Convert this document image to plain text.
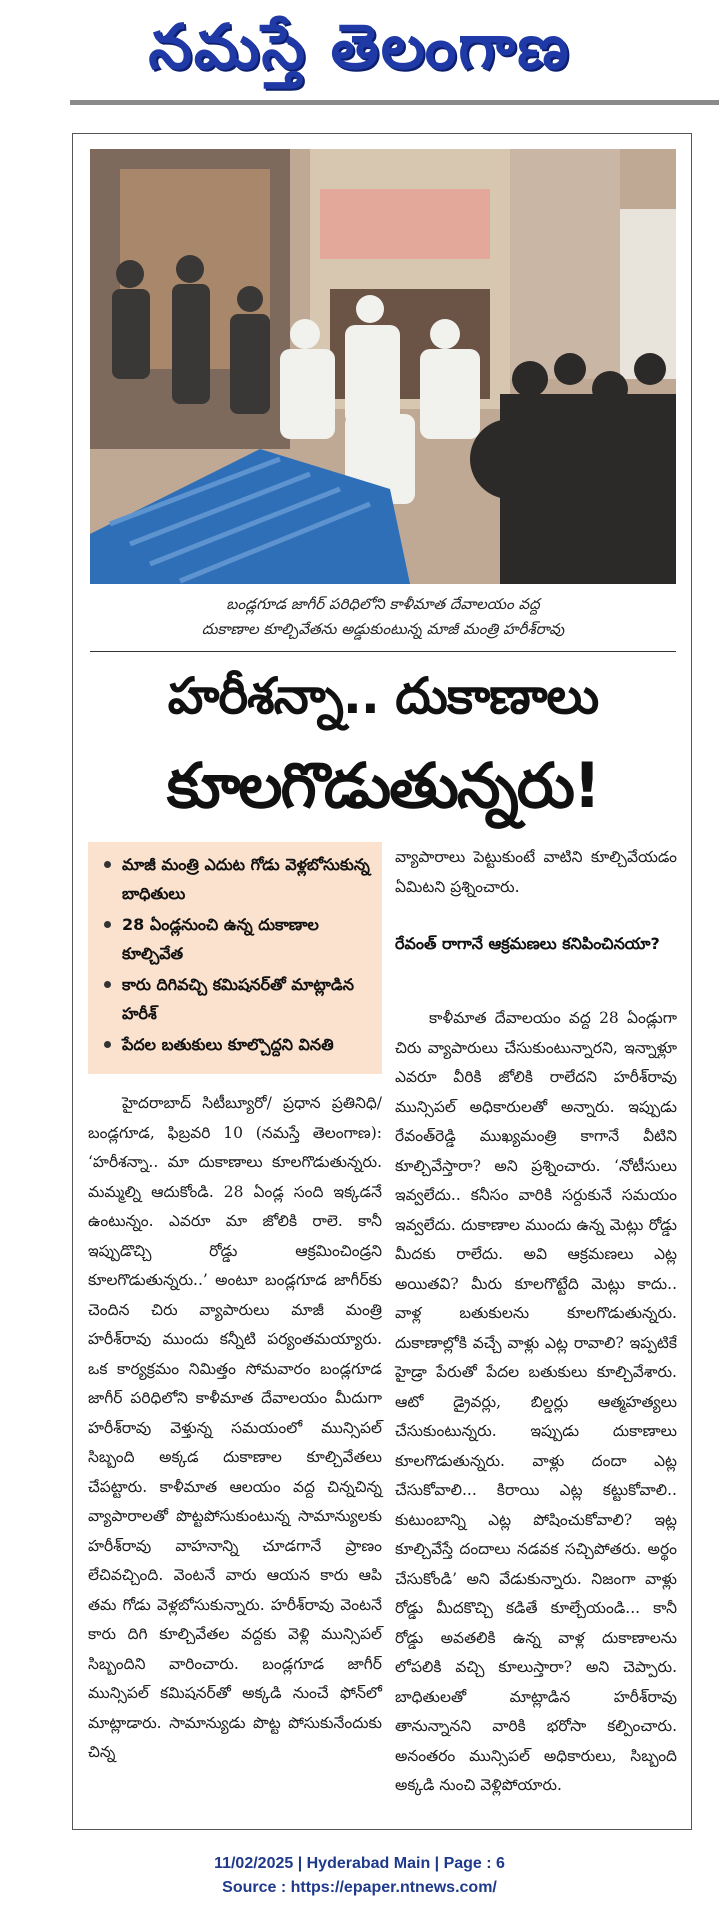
నమస్తే తెలంగాణ
బండ్లగూడ జాగీర్‌ పరిధిలోని కాళీమాత దేవాలయం వద్ద
దుకాణాల కూల్చివేతను అడ్డుకుంటున్న మాజీ మంత్రి హరీశ్‌రావు
హరీశన్నా.. దుకాణాలు
కూలగొడుతున్నరు!
మాజీ మంత్రి ఎదుట గోడు వెళ్లబోసుకున్న బాధితులు
28 ఏండ్లనుంచి ఉన్న దుకాణాల కూల్చివేత
కారు దిగివచ్చి కమిషనర్‌తో మాట్లాడిన హరీశ్‌
పేదల బతుకులు కూల్చొద్దని వినతి

హైదరాబాద్‌ సిటీబ్యూరో/ ప్రధాన ప్రతినిధి/బండ్లగూడ, ఫిబ్రవరి 10 (నమస్తే తెలంగాణ): ‘హరీశన్నా.. మా దుకాణాలు కూలగొడుతున్నరు. మమ్మల్ని ఆదుకోండి. 28 ఏండ్ల సంది ఇక్కడనే ఉంటున్నం. ఎవరూ మా జోలికి రాలె. కానీ ఇప్పుడొచ్చి రోడ్డు ఆక్రమించిండ్రని కూలగొడుతున్నరు..’ అంటూ బండ్లగూడ జాగీర్‌కు చెందిన చిరు వ్యాపారులు మాజీ మంత్రి హరీశ్‌రావు ముందు కన్నీటి పర్యంతమయ్యారు. ఒక కార్యక్రమం నిమిత్తం సోమవారం బండ్లగూడ జాగీర్‌ పరిధిలోని కాళీమాత దేవాలయం మీదుగా హరీశ్‌రావు వెళ్తున్న సమయంలో మున్సిపల్‌ సిబ్బంది అక్కడ దుకాణాల కూల్చివేతలు చేపట్టారు. కాళీమాత ఆలయం వద్ద చిన్నచిన్న వ్యాపారాలతో పొట్టపోసుకుంటున్న సామాన్యులకు హరీశ్‌రావు వాహనాన్ని చూడగానే ప్రాణం లేచివచ్చింది. వెంటనే వారు ఆయన కారు ఆపి తమ గోడు వెళ్లబోసుకున్నారు. హరీశ్‌రావు వెంటనే కారు దిగి కూల్చివేతల వద్దకు వెళ్లి మున్సిపల్‌ సిబ్బందిని వారించారు. బండ్లగూడ జాగీర్‌ మున్సిపల్‌ కమిషనర్‌తో అక్కడి నుంచే ఫోన్‌లో మాట్లాడారు. సామాన్యుడు పొట్ట పోసుకునేందుకు చిన్న

వ్యాపారాలు పెట్టుకుంటే వాటిని కూల్చివేయడం ఏమిటని ప్రశ్నించారు.

రేవంత్‌ రాగానే ఆక్రమణలు కనిపించినయా?

కాళీమాత దేవాలయం వద్ద 28 ఏండ్లుగా చిరు వ్యాపారులు చేసుకుంటున్నారని, ఇన్నాళ్లూ ఎవరూ వీరికి జోలికి రాలేదని హరీశ్‌రావు మున్సిపల్‌ అధికారులతో అన్నారు. ఇప్పుడు రేవంత్‌రెడ్డి ముఖ్యమంత్రి కాగానే వీటిని కూల్చివేస్తారా? అని ప్రశ్నించారు. ‘నోటీసులు ఇవ్వలేదు.. కనీసం వారికి సర్దుకునే సమయం ఇవ్వలేదు. దుకాణాల ముందు ఉన్న మెట్లు రోడ్డు మీదకు రాలేదు. అవి ఆక్రమణలు ఎట్ల అయితవి? మీరు కూలగొట్టేది మెట్లు కాదు.. వాళ్ల బతుకులను కూలగొడుతున్నరు. దుకాణాల్లోకి వచ్చే వాళ్లు ఎట్ల రావాలి? ఇప్పటికే హైడ్రా పేరుతో పేదల బతుకులు కూల్చివేశారు. ఆటో డ్రైవర్లు, బిల్డర్లు ఆత్మహత్యలు చేసుకుంటున్నరు. ఇప్పుడు దుకాణాలు కూలగొడుతున్నరు. వాళ్లు దందా ఎట్ల చేసుకోవాలి... కిరాయి ఎట్ల కట్టుకోవాలి.. కుటుంబాన్ని ఎట్ల పోషించుకోవాలి? ఇట్ల కూల్చివేస్తే దందాలు నడవక సచ్చిపోతరు. అర్థం చేసుకోండి’ అని వేడుకున్నారు. నిజంగా వాళ్లు రోడ్డు మీదకొచ్చి కడితే కూల్చేయండి... కానీ రోడ్డు అవతలికి ఉన్న వాళ్ల దుకాణాలను లోపలికి వచ్చి కూలుస్తారా? అని చెప్పారు. బాధితులతో మాట్లాడిన హరీశ్‌రావు తానున్నానని వారికి భరోసా కల్పించారు. అనంతరం మున్సిపల్‌ అధికారులు, సిబ్బంది అక్కడి నుంచి వెళ్లిపోయారు.

11/02/2025 | Hyderabad Main | Page : 6
Source : https://epaper.ntnews.com/
